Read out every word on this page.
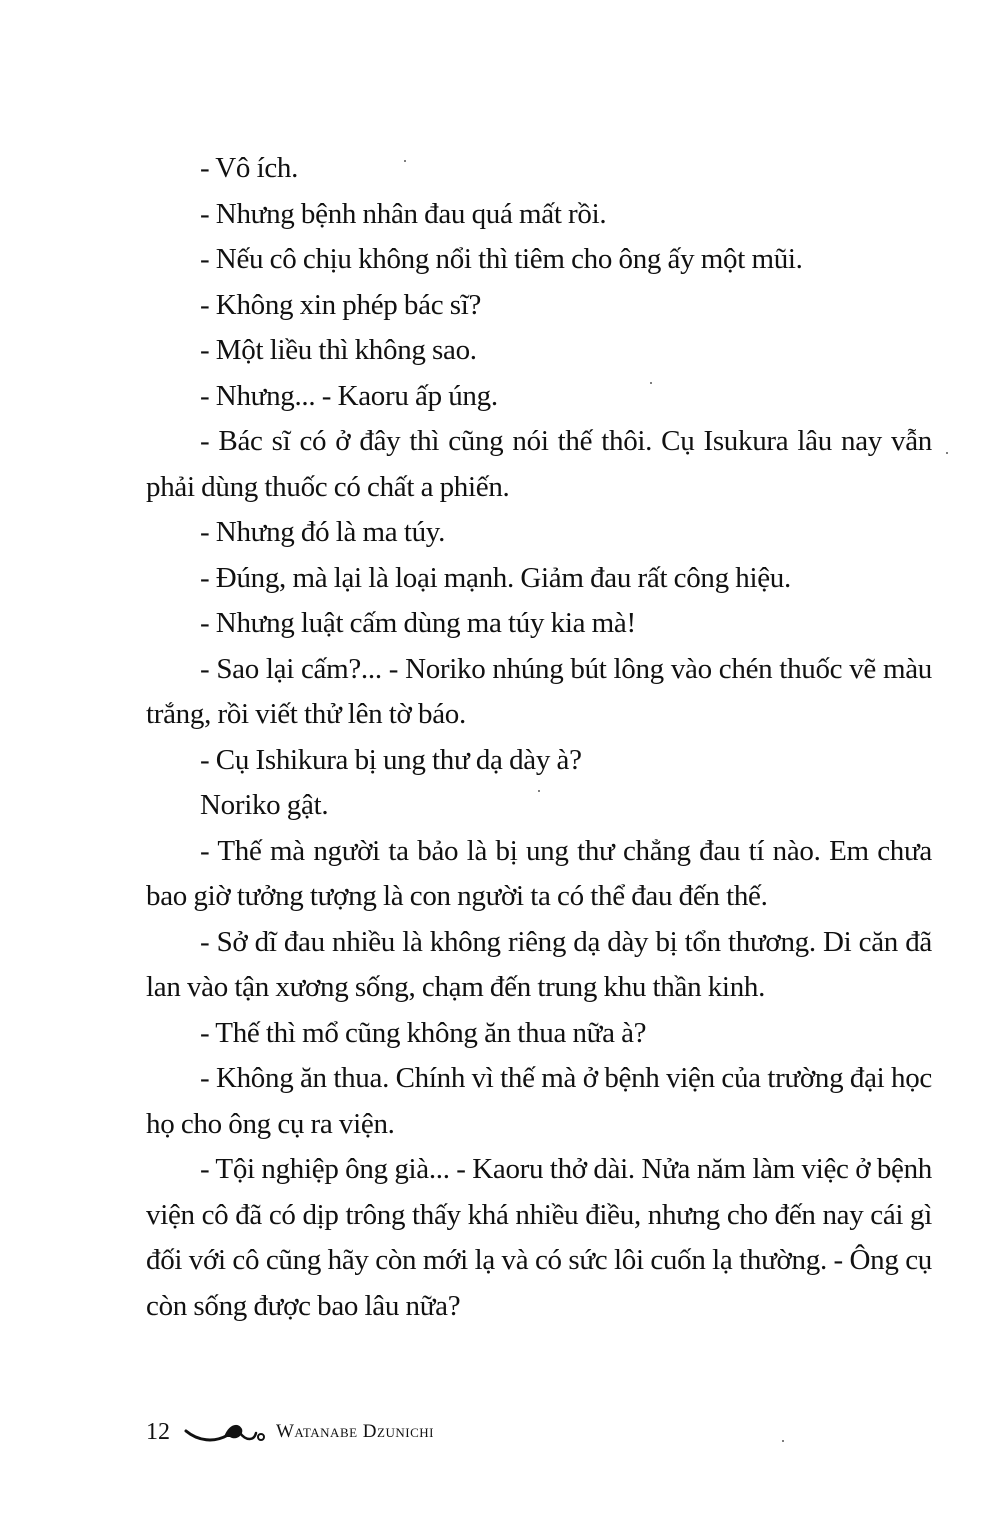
- Vô ích.

- Nhưng bệnh nhân đau quá mất rồi.

- Nếu cô chịu không nổi thì tiêm cho ông ấy một mũi.

- Không xin phép bác sĩ?

- Một liều thì không sao.

- Nhưng... - Kaoru ấp úng.

- Bác sĩ có ở đây thì cũng nói thế thôi. Cụ Isukura lâu nay vẫn phải dùng thuốc có chất a phiến.

- Nhưng đó là ma túy.

- Đúng, mà lại là loại mạnh. Giảm đau rất công hiệu.

- Nhưng luật cấm dùng ma túy kia mà!

- Sao lại cấm?... - Noriko nhúng bút lông vào chén thuốc vẽ màu trắng, rồi viết thử lên tờ báo.

- Cụ Ishikura bị ung thư dạ dày à?

Noriko gật.

- Thế mà người ta bảo là bị ung thư chẳng đau tí nào. Em chưa bao giờ tưởng tượng là con người ta có thể đau đến thế.

- Sở dĩ đau nhiều là không riêng dạ dày bị tổn thương. Di căn đã lan vào tận xương sống, chạm đến trung khu thần kinh.

- Thế thì mổ cũng không ăn thua nữa à?

- Không ăn thua. Chính vì thế mà ở bệnh viện của trường đại học họ cho ông cụ ra viện.

- Tội nghiệp ông già... - Kaoru thở dài. Nửa năm làm việc ở bệnh viện cô đã có dịp trông thấy khá nhiều điều, nhưng cho đến nay cái gì đối với cô cũng hãy còn mới lạ và có sức lôi cuốn lạ thường. - Ông cụ còn sống được bao lâu nữa?

12	Watanabe Dzunichi
